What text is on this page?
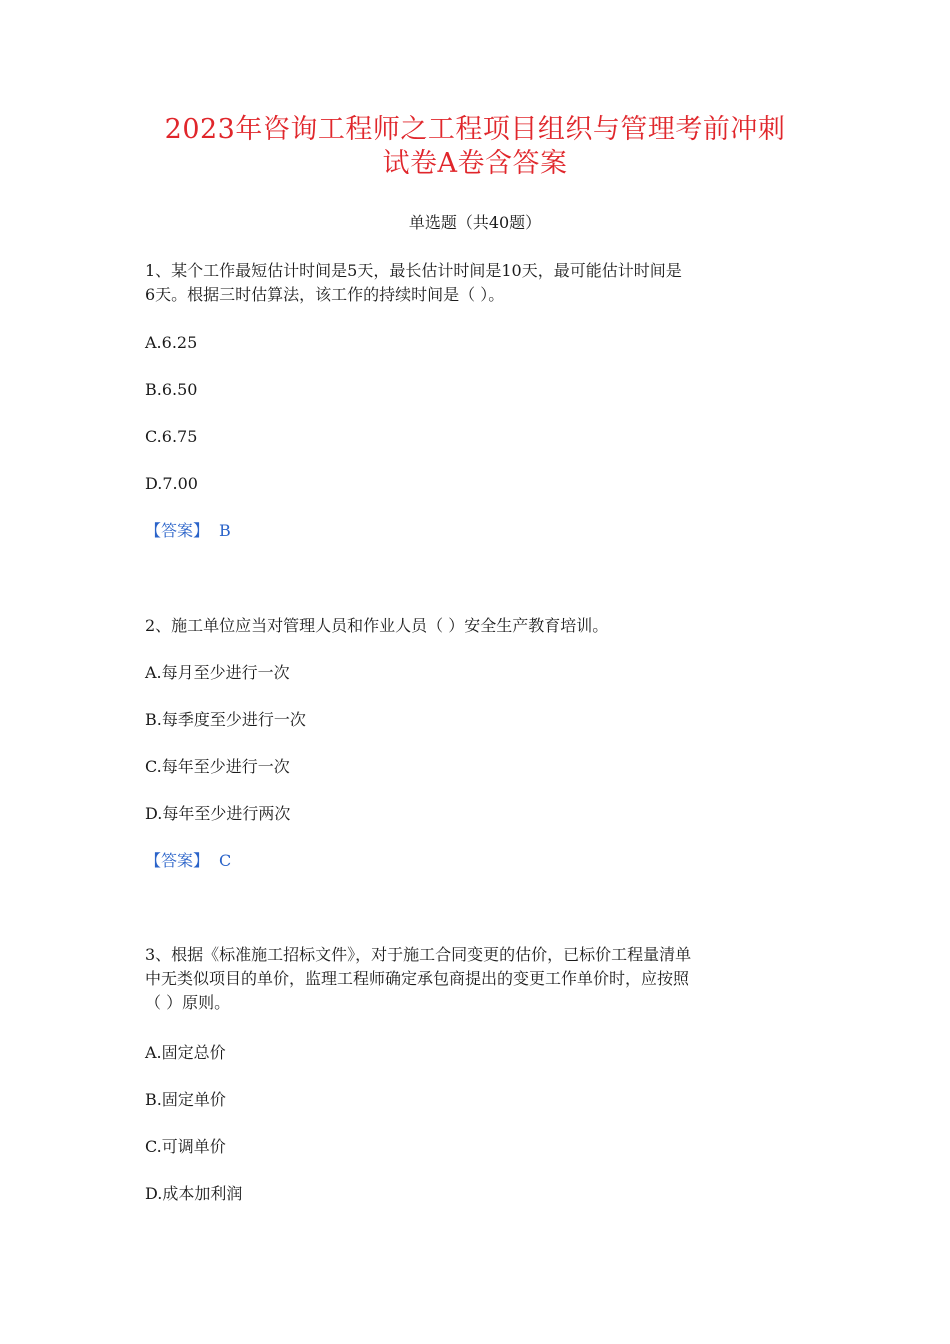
2023年咨询工程师之工程项目组织与管理考前冲刺
试卷A卷含答案
单选题（共40题）
1、某个工作最短估计时间是5天，最长估计时间是10天，最可能估计时间是
6天。根据三时估算法，该工作的持续时间是（ ）。
A.6.25
B.6.50
C.6.75
D.7.00
【答案】 B
2、施工单位应当对管理人员和作业人员（ ）安全生产教育培训。
A.每月至少进行一次
B.每季度至少进行一次
C.每年至少进行一次
D.每年至少进行两次
【答案】 C
3、根据《标准施工招标文件》，对于施工合同变更的估价，已标价工程量清单
中无类似项目的单价，监理工程师确定承包商提出的变更工作单价时，应按照
（ ）原则。
A.固定总价
B.固定单价
C.可调单价
D.成本加利润
